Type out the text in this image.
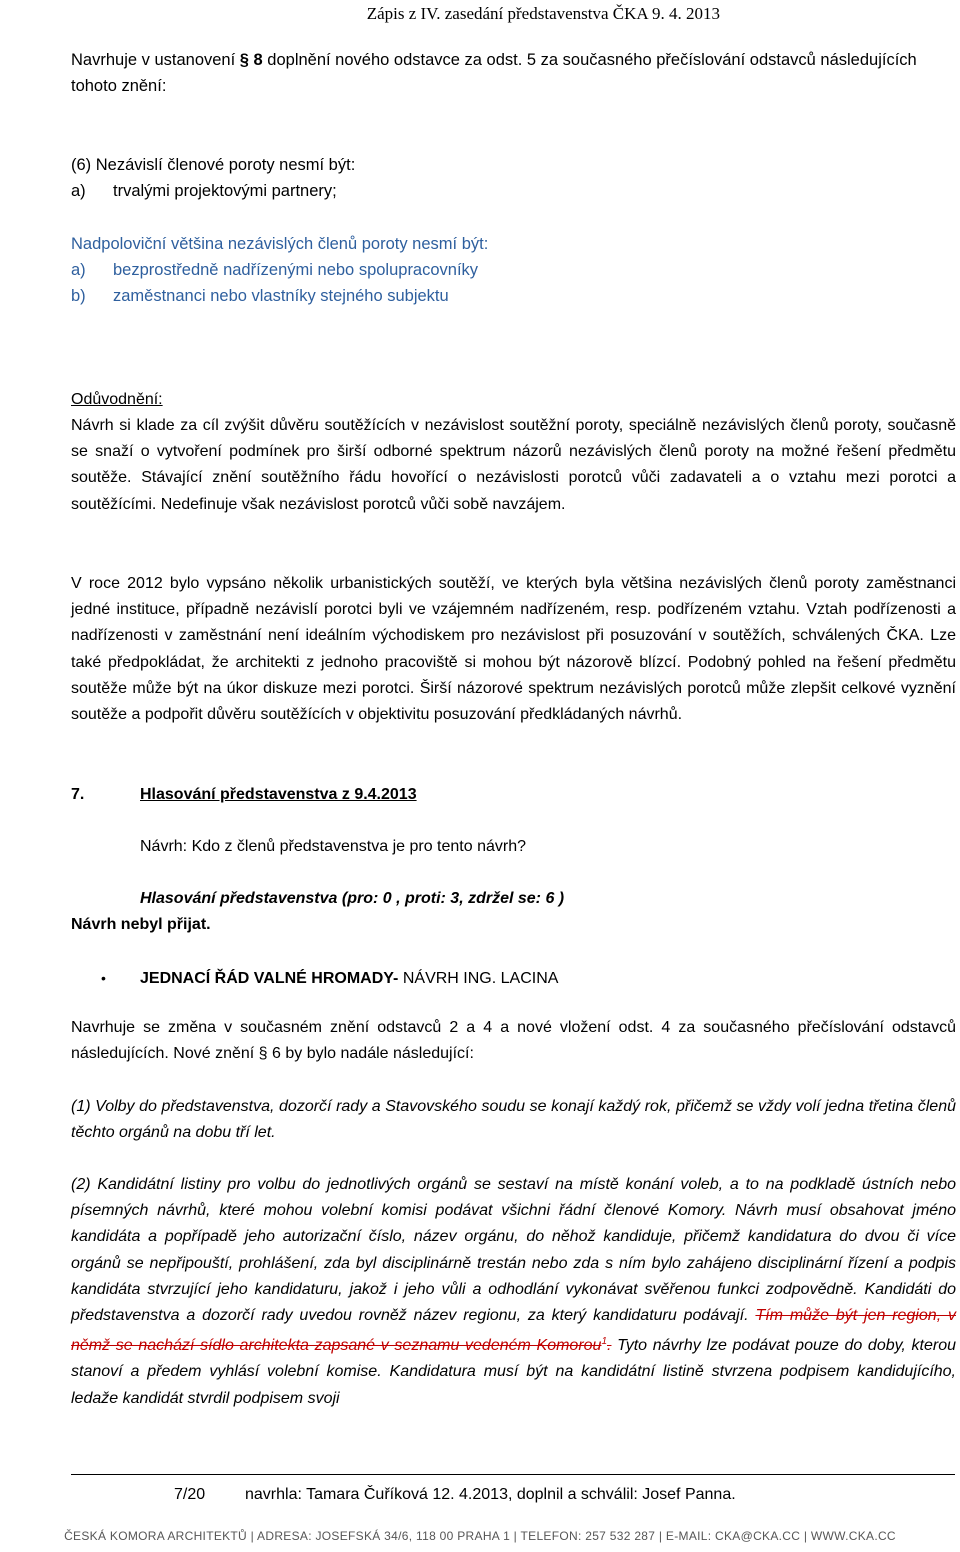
Zápis z IV. zasedání představenstva ČKA 9. 4. 2013
Navrhuje v ustanovení § 8 doplnění nového odstavce za odst. 5 za současného přečíslování odstavců následujících tohoto znění:
(6) Nezávislí členové poroty nesmí být:
a)	trvalými projektovými partnery;
Nadpoloviční většina nezávislých členů poroty nesmí být:
a)	bezprostředně nadřízenými nebo spolupracovníky
b)	zaměstnanci nebo vlastníky stejného subjektu
Odůvodnění:
Návrh si klade za cíl zvýšit důvěru soutěžících v nezávislost soutěžní poroty, speciálně nezávislých členů poroty, současně se snaží o vytvoření podmínek pro širší odborné spektrum názorů nezávislých členů poroty na možné řešení předmětu soutěže. Stávající znění soutěžního řádu hovořící o nezávislosti porotců vůči zadavateli a o vztahu mezi porotci a soutěžícími. Nedefinuje však nezávislost porotců vůči sobě navzájem.
V roce 2012 bylo vypsáno několik urbanistických soutěží, ve kterých byla většina nezávislých členů poroty zaměstnanci jedné instituce, případně nezávislí porotci byli ve vzájemném nadřízeném, resp. podřízeném vztahu. Vztah podřízenosti a nadřízenosti v zaměstnání není ideálním východiskem pro nezávislost při posuzování v soutěžích, schválených ČKA. Lze také předpokládat, že architekti z jednoho pracoviště si mohou být názorově blízcí. Podobný pohled na řešení předmětu soutěže může být na úkor diskuze mezi porotci. Širší názorové spektrum nezávislých porotců může zlepšit celkové vyznění soutěže a podpořit důvěru soutěžících v objektivitu posuzování předkládaných návrhů.
7.	Hlasování představenstva z 9.4.2013
Návrh: Kdo z členů představenstva je pro tento návrh?
Hlasování představenstva (pro: 0 , proti: 3, zdržel se: 6 )
Návrh nebyl přijat.
•	JEDNACÍ ŘÁD VALNÉ HROMADY- NÁVRH ING. LACINA
Navrhuje se změna v současném znění odstavců 2 a 4 a nové vložení odst. 4 za současného přečíslování odstavců následujících. Nové znění § 6 by bylo nadále následující:
(1) Volby do představenstva, dozorčí rady a Stavovského soudu se konají každý rok, přičemž se vždy volí jedna třetina členů těchto orgánů na dobu tří let.
(2) Kandidátní listiny pro volbu do jednotlivých orgánů se sestaví na místě konání voleb, a to na podkladě ústních nebo písemných návrhů, které mohou volební komisi podávat všichni řádní členové Komory. Návrh musí obsahovat jméno kandidáta a popřípadě jeho autorizační číslo, název orgánu, do něhož kandiduje, přičemž kandidatura do dvou či více orgánů se nepřipouští, prohlášení, zda byl disciplinárně trestán nebo zda s ním bylo zahájeno disciplinární řízení a podpis kandidáta stvrzující jeho kandidaturu, jakož i jeho vůli a odhodlání vykonávat svěřenou funkci zodpovědně. Kandidáti do představenstva a dozorčí rady uvedou rovněž název regionu, za který kandidaturu podávají. Tím může být jen region, v němž se nachází sídlo architekta zapsané v seznamu vedeném Komorou$^1$. Tyto návrhy lze podávat pouze do doby, kterou stanoví a předem vyhlásí volební komise. Kandidatura musí být na kandidátní listině stvrzena podpisem kandidujícího, ledaže kandidát stvrdil podpisem svoji
7/20 navrhla: Tamara Čuříková 12. 4.2013, doplnil a schválil: Josef Panna.
ČESKÁ KOMORA ARCHITEKTŮ | ADRESA: JOSEFSKÁ 34/6, 118 00 PRAHA 1 | TELEFON: 257 532 287 | E-MAIL: CKA@CKA.CC | WWW.CKA.CC
